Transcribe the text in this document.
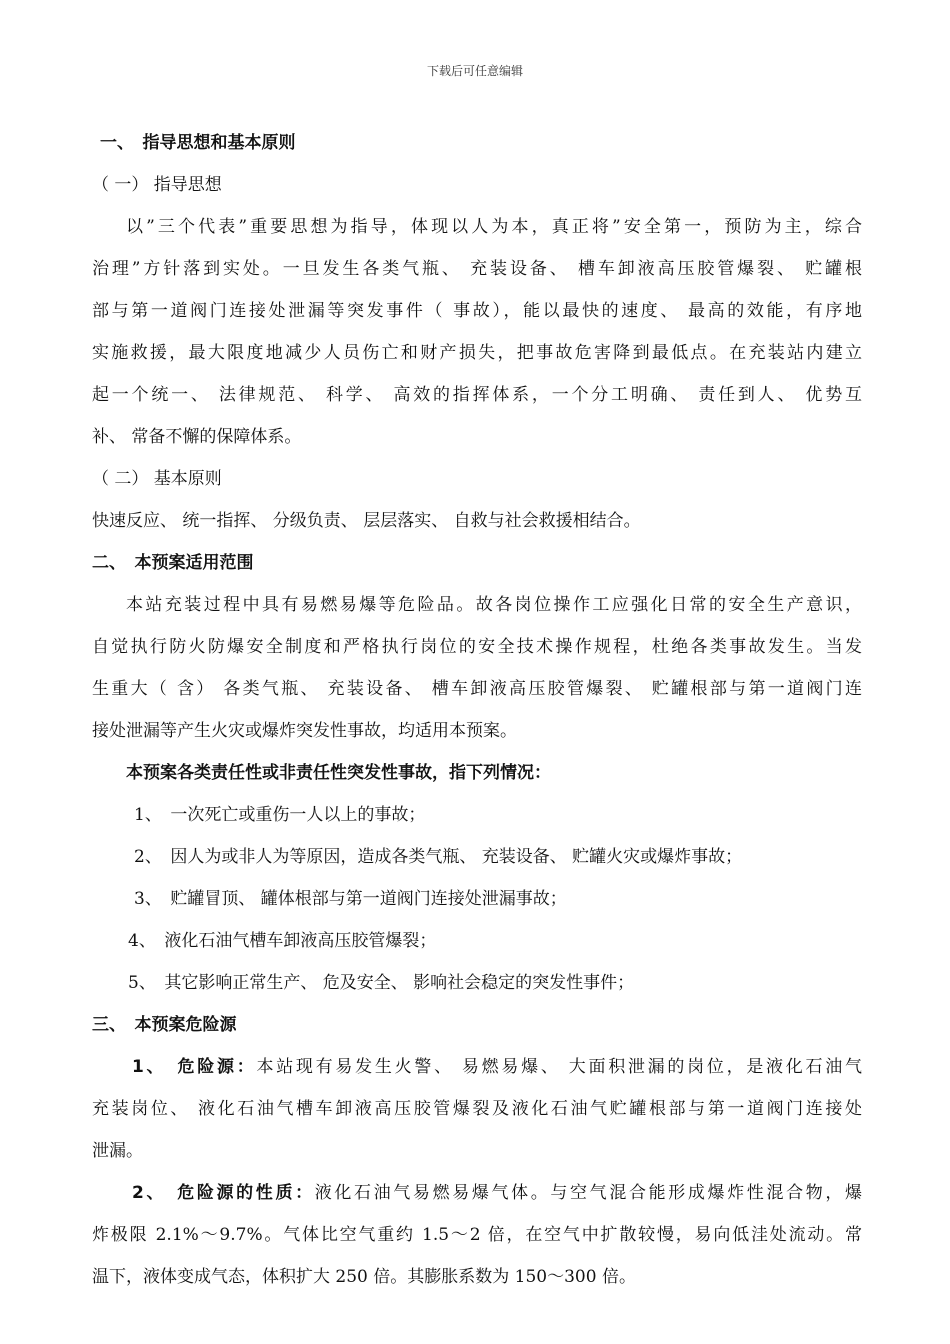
下载后可任意编辑
一、　指导思想和基本原则
（ 一） 指导思想
以”三个代表”重要思想为指导，体现以人为本，真正将”安全第一，预防为主，综合
治理”方针落到实处。一旦发生各类气瓶、 充装设备、 槽车卸液高压胶管爆裂、 贮罐根
部与第一道阀门连接处泄漏等突发事件（ 事故），能以最快的速度、 最高的效能，有序地
实施救援，最大限度地减少人员伤亡和财产损失，把事故危害降到最低点。在充装站内建立
起一个统一、 法律规范、 科学、 高效的指挥体系，一个分工明确、 责任到人、 优势互
补、 常备不懈的保障体系。
（ 二） 基本原则
快速反应、 统一指挥、 分级负责、 层层落实、 自救与社会救援相结合。
二、　本预案适用范围
本站充装过程中具有易燃易爆等危险品。故各岗位操作工应强化日常的安全生产意识，
自觉执行防火防爆安全制度和严格执行岗位的安全技术操作规程，杜绝各类事故发生。当发
生重大（ 含） 各类气瓶、 充装设备、 槽车卸液高压胶管爆裂、 贮罐根部与第一道阀门连
接处泄漏等产生火灾或爆炸突发性事故，均适用本预案。
本预案各类责任性或非责任性突发性事故，指下列情况：
1、　一次死亡或重伤一人以上的事故；
2、　因人为或非人为等原因，造成各类气瓶、 充装设备、 贮罐火灾或爆炸事故；
3、　贮罐冒顶、 罐体根部与第一道阀门连接处泄漏事故；
4、　液化石油气槽车卸液高压胶管爆裂；
5、　其它影响正常生产、 危及安全、 影响社会稳定的突发性事件；
三、　本预案危险源
1、　危险源：本站现有易发生火警、 易燃易爆、 大面积泄漏的岗位，是液化石油气
充装岗位、 液化石油气槽车卸液高压胶管爆裂及液化石油气贮罐根部与第一道阀门连接处
泄漏。
2、　危险源的性质：液化石油气易燃易爆气体。与空气混合能形成爆炸性混合物，爆
炸极限 2.1%～9.7%。气体比空气重约 1.5～2 倍，在空气中扩散较慢，易向低洼处流动。常
温下，液体变成气态，体积扩大 250 倍。其膨胀系数为 150～300 倍。
